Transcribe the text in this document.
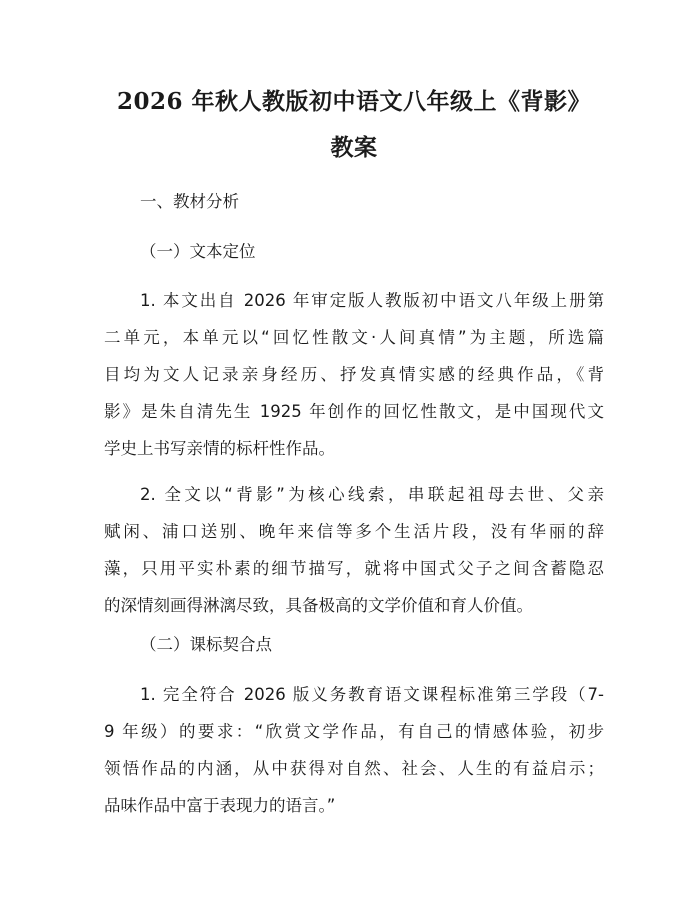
2026 年秋人教版初中语文八年级上《背影》
教案
一、教材分析
（一）文本定位
1. 本文出自 2026 年审定版人教版初中语文八年级上册第
二单元，本单元以“回忆性散文·人间真情”为主题，所选篇
目均为文人记录亲身经历、抒发真情实感的经典作品，《背
影》是朱自清先生 1925 年创作的回忆性散文，是中国现代文
学史上书写亲情的标杆性作品。
2. 全文以“背影”为核心线索，串联起祖母去世、父亲
赋闲、浦口送别、晚年来信等多个生活片段，没有华丽的辞
藻，只用平实朴素的细节描写，就将中国式父子之间含蓄隐忍
的深情刻画得淋漓尽致，具备极高的文学价值和育人价值。
（二）课标契合点
1. 完全符合 2026 版义务教育语文课程标准第三学段（7-
9 年级）的要求：“欣赏文学作品，有自己的情感体验，初步
领悟作品的内涵，从中获得对自然、社会、人生的有益启示；
品味作品中富于表现力的语言。”
